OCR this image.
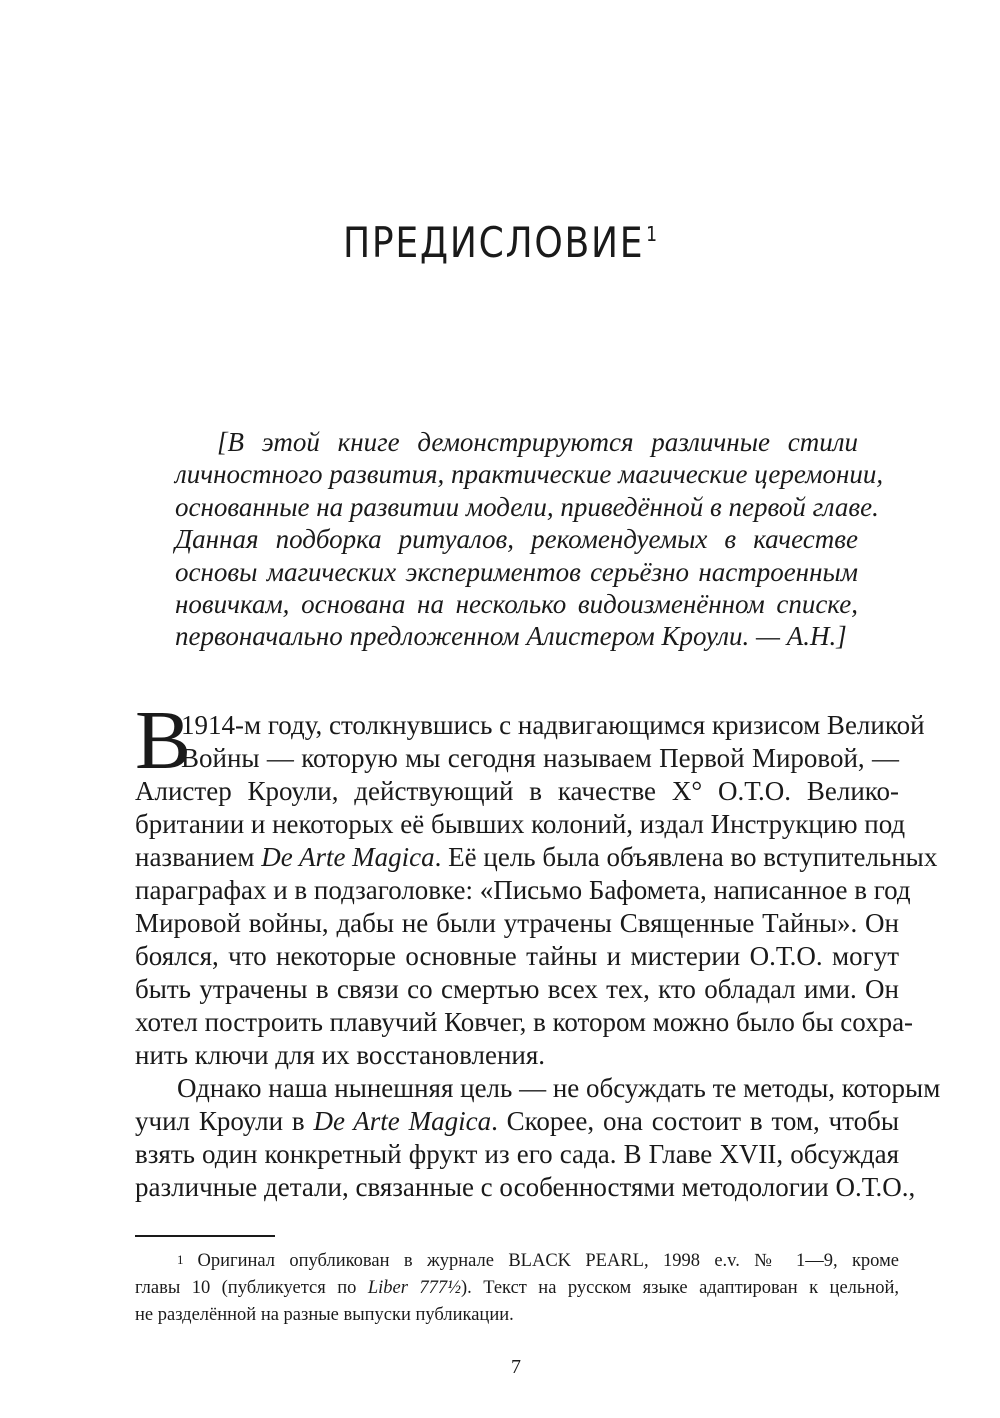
ПРЕДИСЛОВИЕ$^1$
[В этой книге демонстрируются различные стили
личностного развития, практические магические церемонии,
основанные на развитии модели, приведённой в первой главе.
Данная подборка ритуалов, рекомендуемых в качестве
основы магических экспериментов серьёзно настроенным
новичкам, основана на несколько видоизменённом списке,
первоначально предложенном Алистером Кроули. — А.Н.]
В
1914-м году, столкнувшись с надвигающимся кризисом Великой
Войны — которую мы сегодня называем Первой Мировой, —
Алистер Кроули, действующий в качестве X° О.Т.О. Велико-
британии и некоторых её бывших колоний, издал Инструкцию под
названием De Arte Magica. Её цель была объявлена во вступительных
параграфах и в подзаголовке: «Письмо Бафомета, написанное в год
Мировой войны, дабы не были утрачены Священные Тайны». Он
боялся, что некоторые основные тайны и мистерии О.Т.О. могут
быть утрачены в связи со смертью всех тех, кто обладал ими. Он
хотел построить плавучий Ковчег, в котором можно было бы сохра-
нить ключи для их восстановления.
Однако наша нынешняя цель — не обсуждать те методы, которым
учил Кроули в De Arte Magica. Скорее, она состоит в том, чтобы
взять один конкретный фрукт из его сада. В Главе XVII, обсуждая
различные детали, связанные с особенностями методологии О.Т.О.,
$^1$ Оригинал опубликован в журнале BLACK PEARL, 1998 e.v. № 1—9, кроме
главы 10 (публикуется по Liber 777½). Текст на русском языке адаптирован к цельной,
не разделённой на разные выпуски публикации.
7
